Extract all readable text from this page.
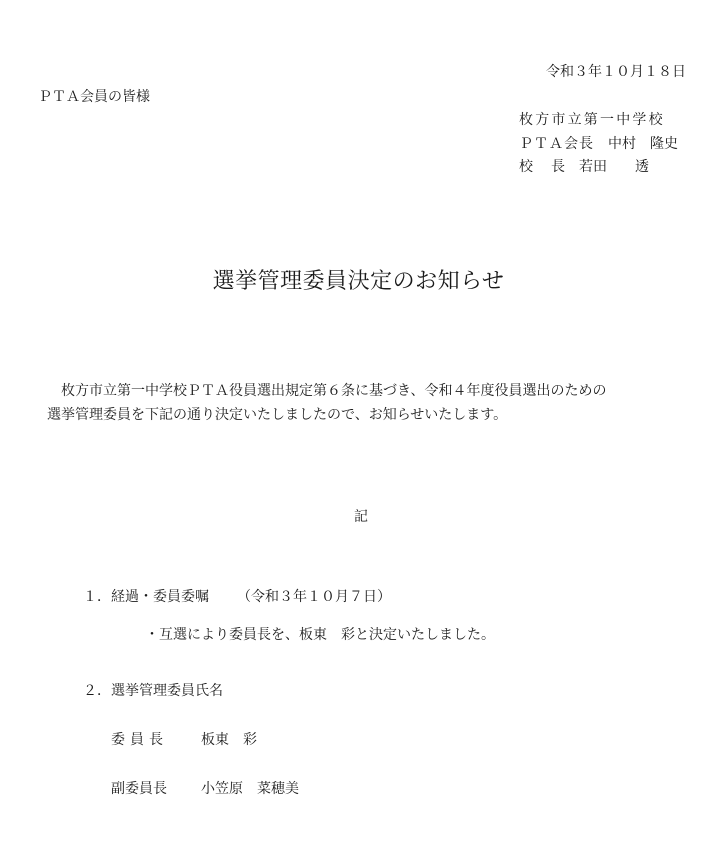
令和３年１０月１８日
ＰＴＡ会員の皆様
枚方市立第一中学校
ＰＴＡ会長 中村　隆史
校長若田　　透
選挙管理委員決定のお知らせ

枚方市立第一中学校ＰＴＡ役員選出規定第６条に基づき、令和４年度役員選出のための

選挙管理委員を下記の通り決定いたしましたので、お知らせいたします。

記
１．経過・委員委嘱 （令和３年１０月７日）
・互選により委員長を、板東　彩と決定いたしました。
２．選挙管理委員氏名
委員長 板東　彩
副委員長 小笠原　菜穂美
